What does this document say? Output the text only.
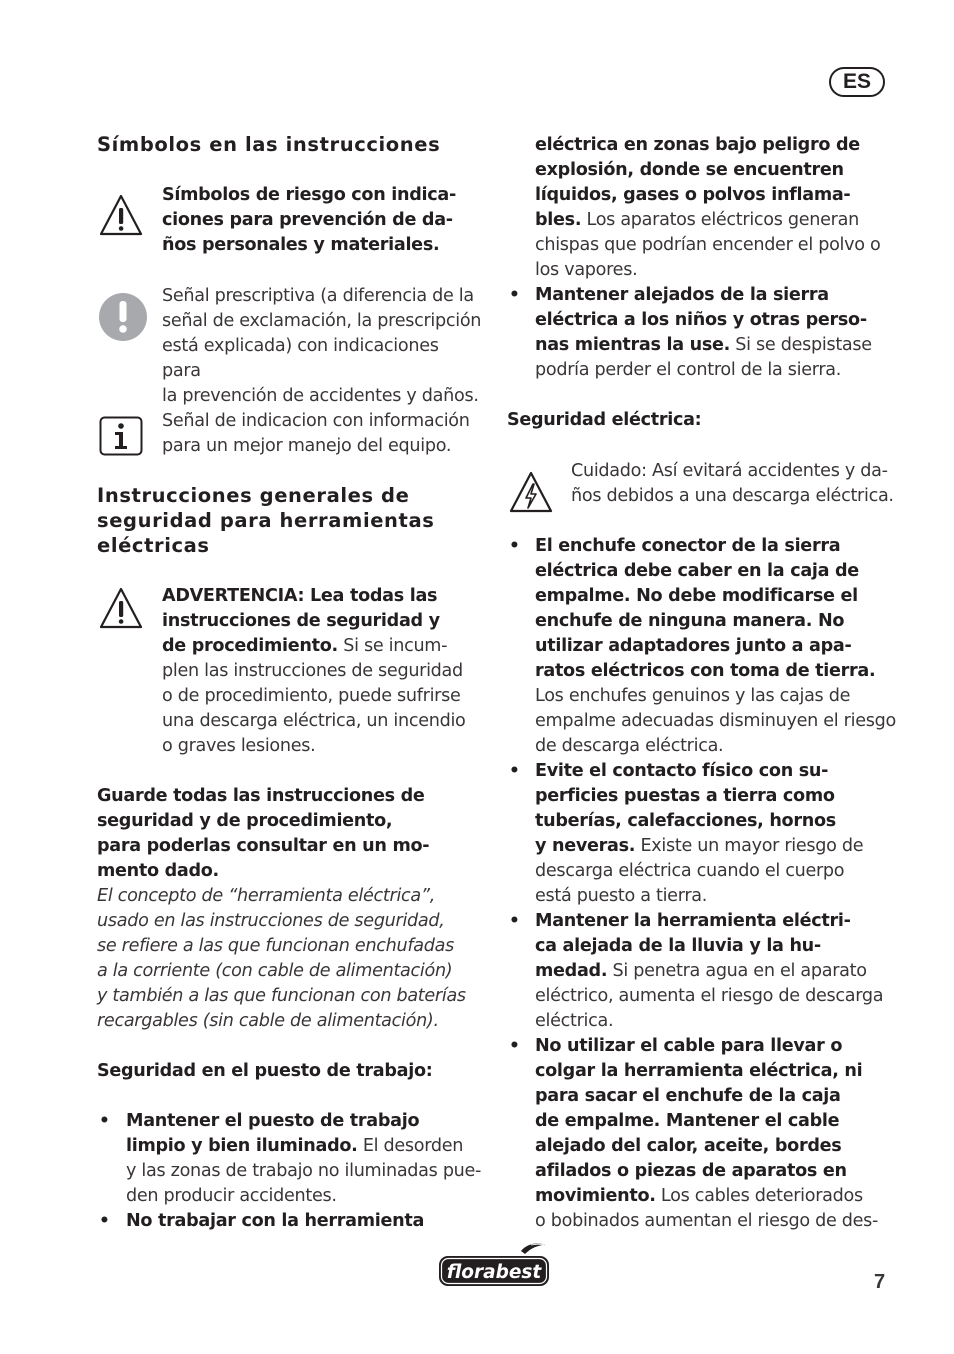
ES
Símbolos en las instrucciones
Símbolos de riesgo con indica-
ciones para prevención de da-
ños personales y materiales.
Señal prescriptiva (a diferencia de la
señal de exclamación, la prescripción
está explicada) con indicaciones para
la prevención de accidentes y daños.
Señal de indicacion con información
para un mejor manejo del equipo.
Instrucciones generales de
seguridad para herramientas
eléctricas
ADVERTENCIA: Lea todas las
instrucciones de seguridad y
de procedimiento. Si se incum-
plen las instrucciones de seguridad
o de procedimiento, puede sufrirse
una descarga eléctrica, un incendio
o graves lesiones.
Guarde todas las instrucciones de
seguridad y de procedimiento,
para poderlas consultar en un mo-
mento dado.
El concepto de “herramienta eléctrica”,
usado en las instrucciones de seguridad,
se refiere a las que funcionan enchufadas
a la corriente (con cable de alimentación)
y también a las que funcionan con baterías
recargables (sin cable de alimentación).
Seguridad en el puesto de trabajo:
• Mantener el puesto de trabajo
limpio y bien iluminado. El desorden
y las zonas de trabajo no iluminadas pue-
den producir accidentes.
• No trabajar con la herramienta
eléctrica en zonas bajo peligro de
explosión, donde se encuentren
líquidos, gases o polvos inflama-
bles. Los aparatos eléctricos generan
chispas que podrían encender el polvo o
los vapores.
• Mantener alejados de la sierra
eléctrica a los niños y otras perso-
nas mientras la use. Si se despistase
podría perder el control de la sierra.
Seguridad eléctrica:
Cuidado: Así evitará accidentes y da-
ños debidos a una descarga eléctrica.
• El enchufe conector de la sierra
eléctrica debe caber en la caja de
empalme. No debe modificarse el
enchufe de ninguna manera. No
utilizar adaptadores junto a apa-
ratos eléctricos con toma de tierra.
Los enchufes genuinos y las cajas de
empalme adecuadas disminuyen el riesgo
de descarga eléctrica.
• Evite el contacto físico con su-
perficies puestas a tierra como
tuberías, calefacciones, hornos
y neveras. Existe un mayor riesgo de
descarga eléctrica cuando el cuerpo
está puesto a tierra.
• Mantener la herramienta eléctri-
ca alejada de la lluvia y la hu-
medad. Si penetra agua en el aparato
eléctrico, aumenta el riesgo de descarga
eléctrica.
• No utilizar el cable para llevar o
colgar la herramienta eléctrica, ni
para sacar el enchufe de la caja
de empalme. Mantener el cable
alejado del calor, aceite, bordes
afilados o piezas de aparatos en
movimiento. Los cables deteriorados
o bobinados aumentan el riesgo de des-
florabest	7
